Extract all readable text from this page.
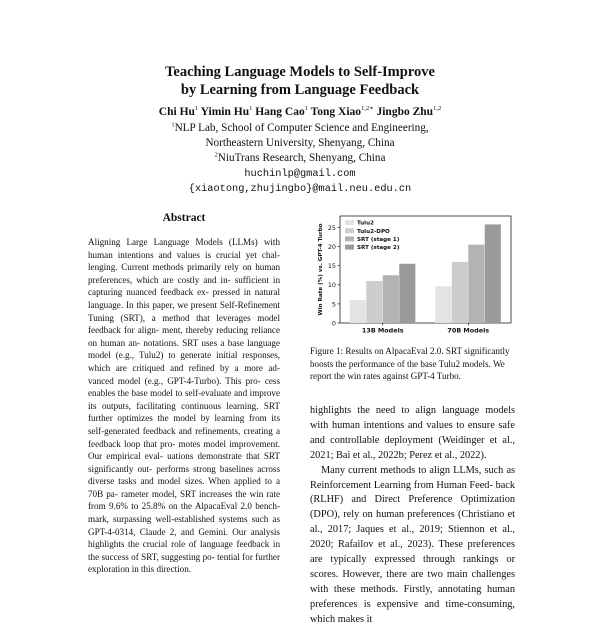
Teaching Language Models to Self-Improve
by Learning from Language Feedback
Chi Hu$^1$ Yimin Hu$^1$ Hang Cao$^1$ Tong Xiao$^{1,2∗}$ Jingbo Zhu$^{1,2}$
$^1$NLP Lab, School of Computer Science and Engineering,
Northeastern University, Shenyang, China
$^2$NiuTrans Research, Shenyang, China
huchinlp@gmail.com
{xiaotong,zhujingbo}@mail.neu.edu.cn
Abstract
Aligning Large Language Models (LLMs) with human intentions and values is crucial yet chal- lenging. Current methods primarily rely on human preferences, which are costly and in- sufficient in capturing nuanced feedback ex- pressed in natural language. In this paper, we present Self-Refinement Tuning (SRT), a method that leverages model feedback for align- ment, thereby reducing reliance on human an- notations. SRT uses a base language model (e.g., Tulu2) to generate initial responses, which are critiqued and refined by a more ad- vanced model (e.g., GPT-4-Turbo). This pro- cess enables the base model to self-evaluate and improve its outputs, facilitating continuous learning. SRT further optimizes the model by learning from its self-generated feedback and refinements, creating a feedback loop that pro- motes model improvement. Our empirical eval- uations demonstrate that SRT significantly out- performs strong baselines across diverse tasks and model sizes. When applied to a 70B pa- rameter model, SRT increases the win rate from 9.6% to 25.8% on the AlpacaEval 2.0 bench- mark, surpassing well-established systems such as GPT-4-0314, Claude 2, and Gemini. Our analysis highlights the crucial role of language feedback in the success of SRT, suggesting po- tential for further exploration in this direction.
0
5
10
15
20
25
Win Rate (%) vs. GPT-4 Turbo
13B Models	70B Models
Tulu2
Tulu2-DPO
SRT (stage 1)
SRT (stage 2)
Figure 1: Results on AlpacaEval 2.0. SRT significantly boosts the performance of the base Tulu2 models. We report the win rates against GPT-4 Turbo.

highlights the need to align language models with human intentions and values to ensure safe and controllable deployment (Weidinger et al., 2021; Bai et al., 2022b; Perez et al., 2022).

Many current methods to align LLMs, such as Reinforcement Learning from Human Feed- back (RLHF) and Direct Preference Optimization (DPO), rely on human preferences (Christiano et al., 2017; Jaques et al., 2019; Stiennon et al., 2020; Rafailov et al., 2023). These preferences are typically expressed through rankings or scores. However, there are two main challenges with these methods. Firstly, annotating human preferences is expensive and time-consuming, which makes it
